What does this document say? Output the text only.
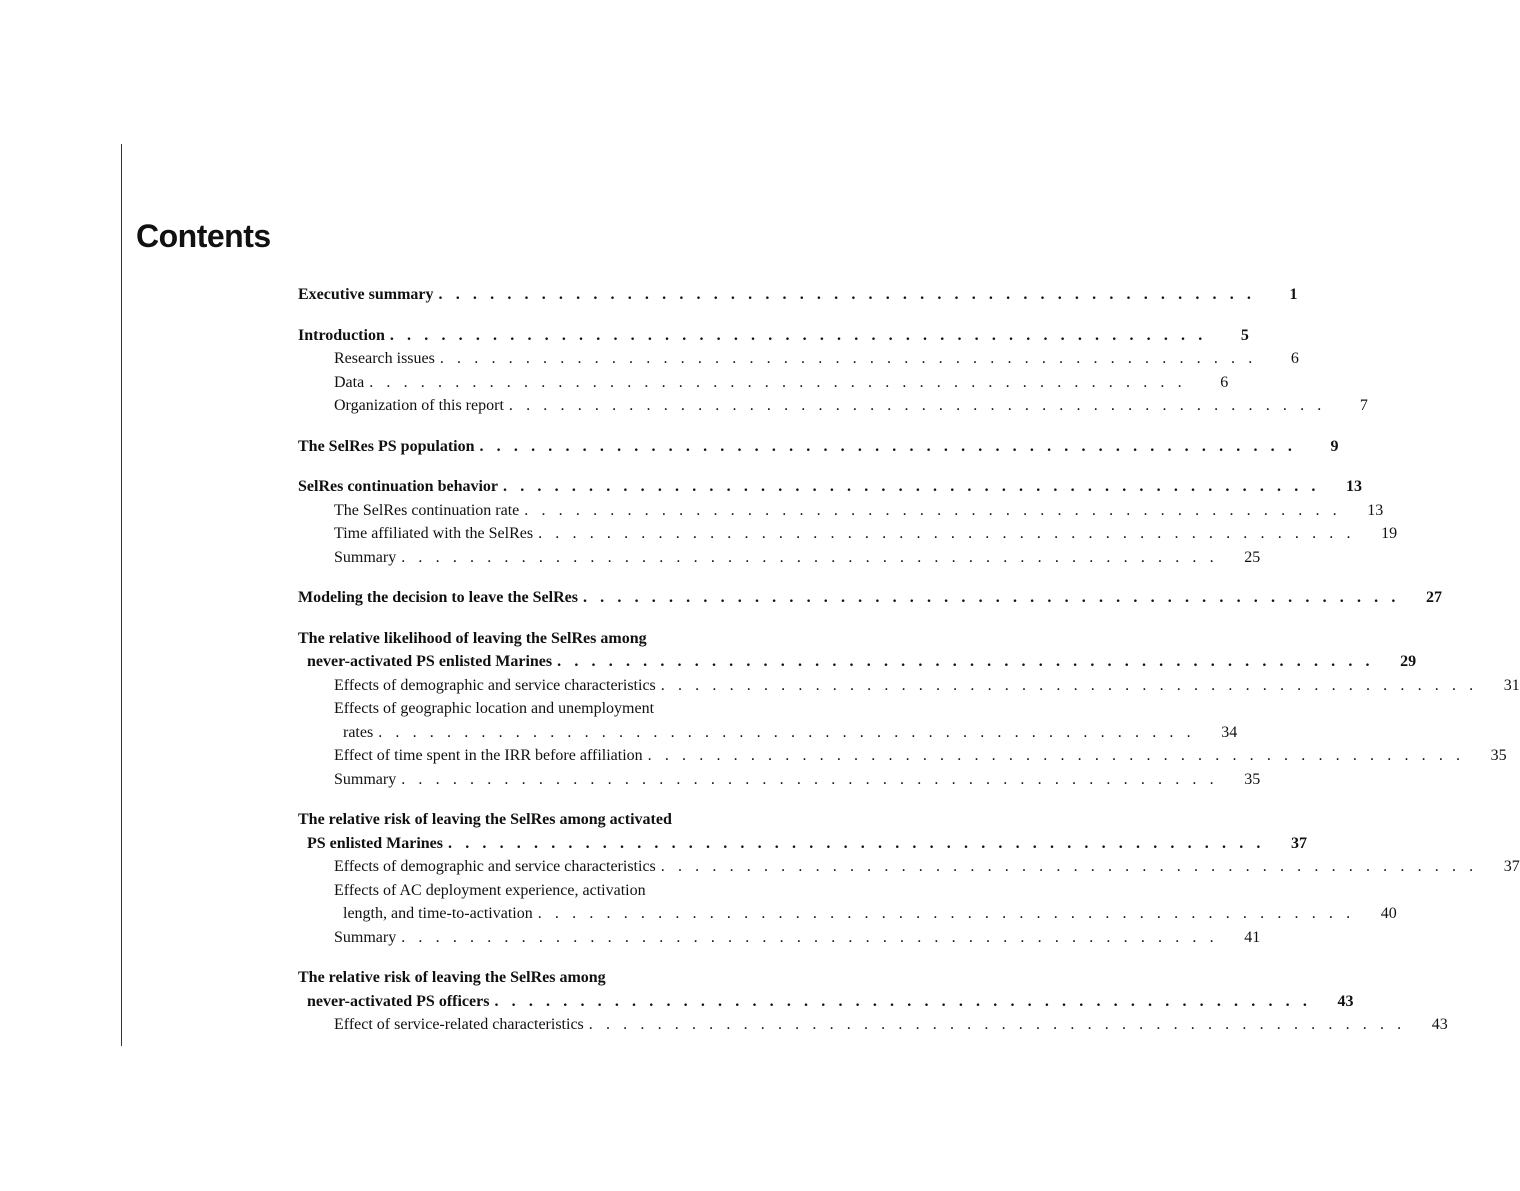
Contents
Executive summary . . . . . . . . . . . . . . . . . . . . . . . . . . . . . . . . . . . . . . . . . . . . . . . .	1
Introduction . . . . . . . . . . . . . . . . . . . . . . . . . . . . . . . . . . . . . . . . . . . . . . . .	5
Research issues . . . . . . . . . . . . . . . . . . . . . . . . . . . . . . . . . . . . . . . . . . . . . . . .	6
Data . . . . . . . . . . . . . . . . . . . . . . . . . . . . . . . . . . . . . . . . . . . . . . . .	6
Organization of this report . . . . . . . . . . . . . . . . . . . . . . . . . . . . . . . . . . . . . . . . . . . . . . . .	7
The SelRes PS population . . . . . . . . . . . . . . . . . . . . . . . . . . . . . . . . . . . . . . . . . . . . . . . .	9
SelRes continuation behavior . . . . . . . . . . . . . . . . . . . . . . . . . . . . . . . . . . . . . . . . . . . . . . . .	13
The SelRes continuation rate . . . . . . . . . . . . . . . . . . . . . . . . . . . . . . . . . . . . . . . . . . . . . . . .	13
Time affiliated with the SelRes . . . . . . . . . . . . . . . . . . . . . . . . . . . . . . . . . . . . . . . . . . . . . . . .	19
Summary . . . . . . . . . . . . . . . . . . . . . . . . . . . . . . . . . . . . . . . . . . . . . . . .	25
Modeling the decision to leave the SelRes . . . . . . . . . . . . . . . . . . . . . . . . . . . . . . . . . . . . . . . . . . . . . . . .	27
The relative likelihood of leaving the SelRes among
never-activated PS enlisted Marines . . . . . . . . . . . . . . . . . . . . . . . . . . . . . . . . . . . . . . . . . . . . . . . .	29
Effects of demographic and service characteristics . . . . . . . . . . . . . . . . . . . . . . . . . . . . . . . . . . . . . . . . . . . . . . . .	31
Effects of geographic location and unemployment
rates . . . . . . . . . . . . . . . . . . . . . . . . . . . . . . . . . . . . . . . . . . . . . . . .	34
Effect of time spent in the IRR before affiliation . . . . . . . . . . . . . . . . . . . . . . . . . . . . . . . . . . . . . . . . . . . . . . . .	35
Summary . . . . . . . . . . . . . . . . . . . . . . . . . . . . . . . . . . . . . . . . . . . . . . . .	35
The relative risk of leaving the SelRes among activated
PS enlisted Marines . . . . . . . . . . . . . . . . . . . . . . . . . . . . . . . . . . . . . . . . . . . . . . . .	37
Effects of demographic and service characteristics . . . . . . . . . . . . . . . . . . . . . . . . . . . . . . . . . . . . . . . . . . . . . . . .	37
Effects of AC deployment experience, activation
length, and time-to-activation . . . . . . . . . . . . . . . . . . . . . . . . . . . . . . . . . . . . . . . . . . . . . . . .	40
Summary . . . . . . . . . . . . . . . . . . . . . . . . . . . . . . . . . . . . . . . . . . . . . . . .	41
The relative risk of leaving the SelRes among
never-activated PS officers . . . . . . . . . . . . . . . . . . . . . . . . . . . . . . . . . . . . . . . . . . . . . . . .	43
Effect of service-related characteristics . . . . . . . . . . . . . . . . . . . . . . . . . . . . . . . . . . . . . . . . . . . . . . . .	43
